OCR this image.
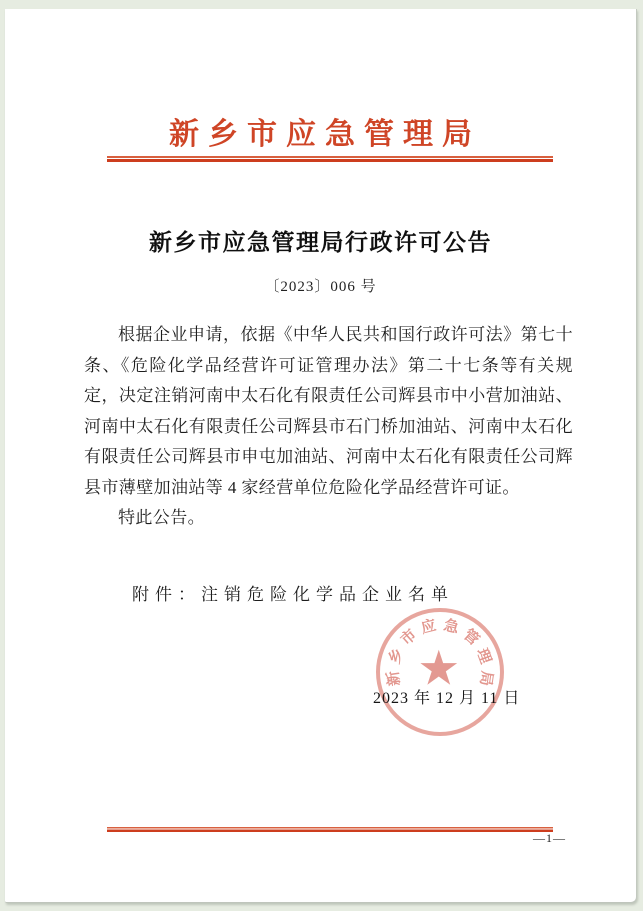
新乡市应急管理局
新乡市应急管理局行政许可公告
〔2023〕006 号

根据企业申请，依据《中华人民共和国行政许可法》第七十条、《危险化学品经营许可证管理办法》第二十七条等有关规定，决定注销河南中太石化有限责任公司辉县市中小营加油站、河南中太石化有限责任公司辉县市石门桥加油站、河南中太石化有限责任公司辉县市申屯加油站、河南中太石化有限责任公司辉县市薄壁加油站等 4 家经营单位危险化学品经营许可证。

特此公告。

附件：注销危险化学品企业名单
★
新
乡
市 应 急 管
理
局
2023 年 12 月 11 日
—1—
